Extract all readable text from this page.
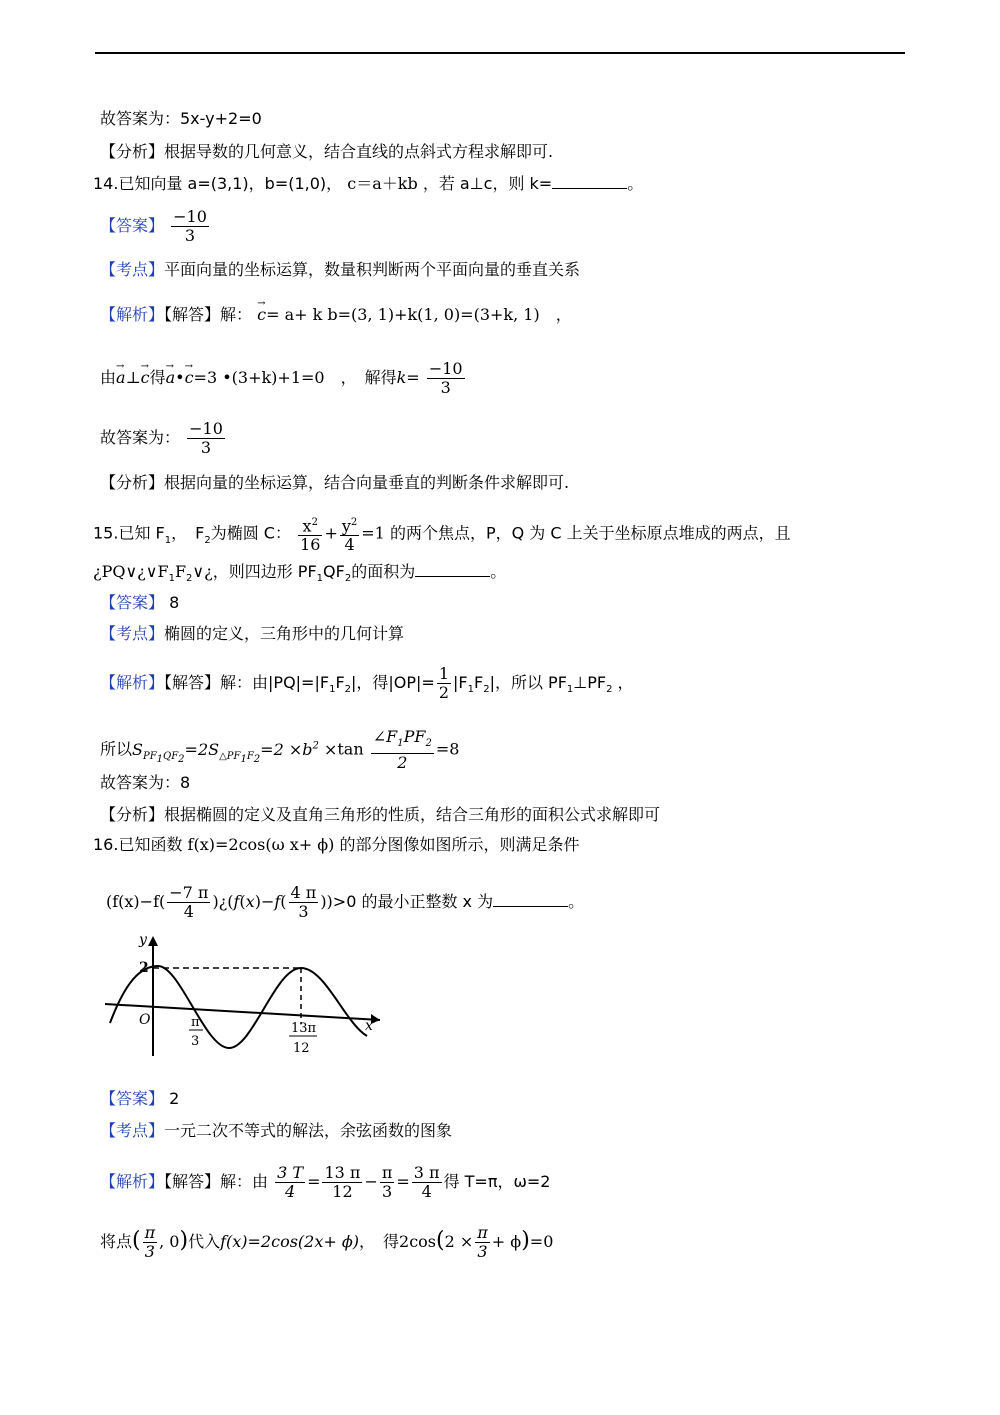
故答案为：5x-y+2=0
【分析】根据导数的几何意义，结合直线的点斜式方程求解即可.
14.已知向量 a=(3,1)，b=(1,0)， c＝a＋kb ，若 a⊥c，则 k=	。
【答案】 $\frac{-10}{3}$
【考点】平面向量的坐标运算，数量积判断两个平面向量的垂直关系
【解析】【解答】解： → c= a+ k b=(3, 1)+k(1, 0)=(3+k, 1)　，
由→ a⊥→ c得→ a•→ c=3 •(3+k)+1=0　，　解得$k= \frac{-10}{3}$
故答案为： $\frac{-10}{3}$
【分析】根据向量的坐标运算，结合向量垂直的判断条件求解即可.
15.已知 $F_1$，　$F_2$为椭圆 C： $\frac{x^2}{16} + \frac{y^2}{4} =1$ 的两个焦点，P，Q 为 C 上关于坐标原点堆成的两点，且
¿$PQ\vee¿\vee F_1F_2\vee¿$，则四边形 $PF_1QF_2$的面积为	。
【答案】 8
【考点】椭圆的定义，三角形中的几何计算
【解析】【解答】解：由$|PQ|=|F_1F_2|$，得$|OP|= \frac{1}{2} |F_1F_2|$，所以 $PF_1\perp PF_2$ ，
所以$S_{PF_1QF_2}=2S_{\triangle PF_1F_2}=2 \times b^2 \times\tan \frac{\angle F_1PF_2}{2} =8$
故答案为：8
【分析】根据椭圆的定义及直角三角形的性质，结合三角形的面积公式求解即可
16.已知函数 f(x)=2cos(ω x+ ϕ) 的部分图像如图所示，则满足条件
($f(x)-f( \frac{-7 \pi}{4}$ )¿(f(x)−f( $\frac{4 \pi}{3} ))>0$ 的最小正整数 x 为	。
y
x
O
2
π
3
13π
12
【答案】 2
【考点】一元二次不等式的解法，余弦函数的图象
【解析】【解答】解：由 $\frac{3 T}{4} = \frac{13 \pi}{12} - \frac{\pi}{3} = \frac{3 \pi}{4}$ 得 T=π，ω=2
将点( $\frac{\pi}{3}$ , 0)代入f(x)=2cos(2x+ ϕ)，　得$2\cos(2 \times \frac{\pi}{3} + \phi)=0$
